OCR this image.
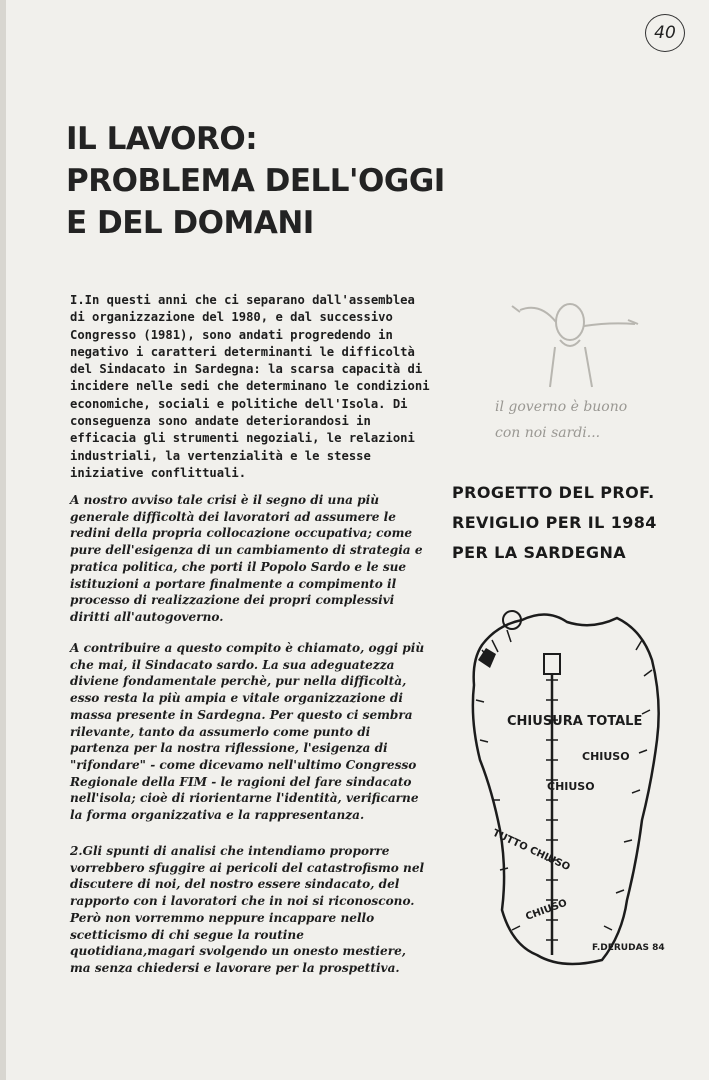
40
IL LAVORO:
PROBLEMA DELL'OGGI
E DEL DOMANI
I.In questi anni che ci separano dall'assemblea di organizzazione del 1980, e dal successivo Congresso (1981), sono andati progredendo in negativo i caratteri determinanti le difficoltà del Sindacato in Sardegna: la scarsa capacità di incidere nelle sedi che determinano le condizioni economiche, sociali e politiche dell'Isola. Di conseguenza sono andate deteriorandosi in efficacia gli strumenti negoziali, le relazioni industriali, la vertenzialità e le stesse iniziative conflittuali.
A nostro avviso tale crisi è il segno di una più generale difficoltà dei lavoratori ad assumere le redini della propria collocazione occupativa; come pure dell'esigenza di un cambiamento di strategia e pratica politica, che porti il Popolo Sardo e le sue istituzioni a portare finalmente a compimento il processo di realizzazione dei propri complessivi diritti all'autogoverno.
A contribuire a questo compito è chiamato, oggi più che mai, il Sindacato sardo. La sua adeguatezza diviene fondamentale perchè, pur nella difficoltà, esso resta la più ampia e vitale organizzazione di massa presente in Sardegna. Per questo ci sembra rilevante, tanto da assumerlo come punto di partenza per la nostra riflessione, l'esigenza di "rifondare" - come dicevamo nell'ultimo Congresso Regionale della FIM - le ragioni del fare sindacato nell'isola; cioè di riorientarne l'identità, verificarne la forma organizzativa e la rappresentanza.
2.Gli spunti di analisi che intendiamo proporre vorrebbero sfuggire ai pericoli del catastrofismo nel discutere di noi, del nostro essere sindacato, del rapporto con i lavoratori che in noi si riconoscono. Però non vorremmo neppure incappare nello scetticismo di chi segue la routine quotidiana,magari svolgendo un onesto mestiere, ma senza chiedersi e lavorare per la prospettiva.
il governo è buono
con noi sardi...
PROGETTO DEL PROF.
REVIGLIO PER IL 1984
PER LA SARDEGNA
CHIUSURA TOTALE
CHIUSO
CHIUSO
TUTTO CHIUSO
CHIUSO
F.DERUDAS 84
